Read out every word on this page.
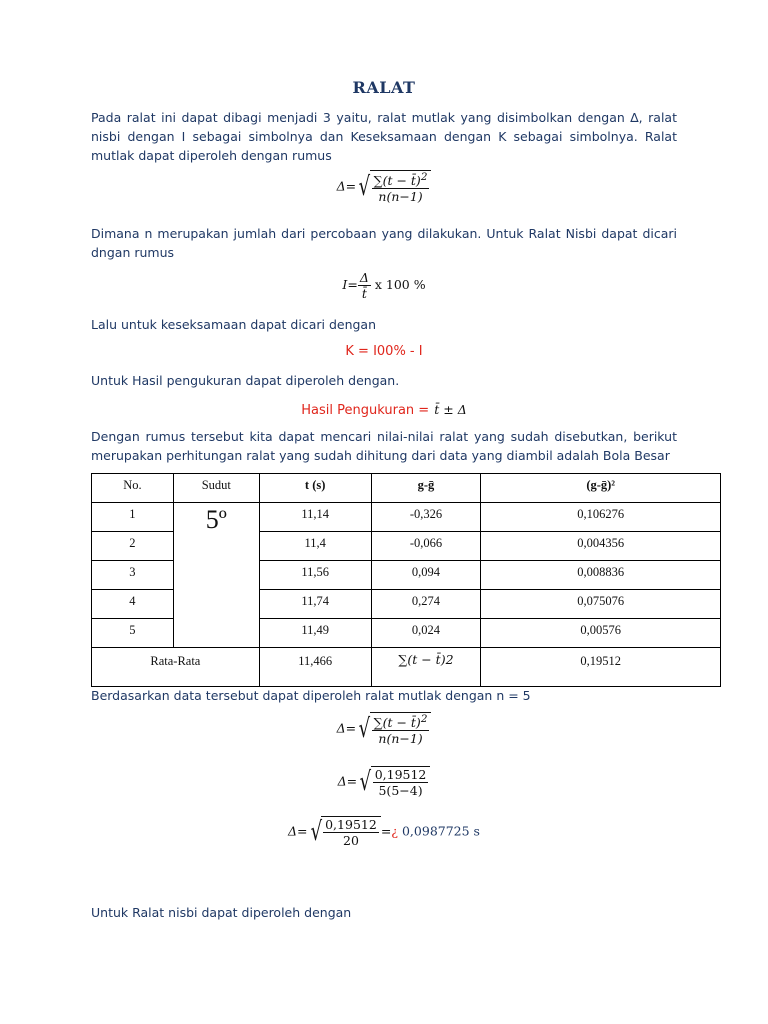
RALAT
Pada ralat ini dapat dibagi menjadi 3 yaitu, ralat mutlak yang disimbolkan dengan ∆, ralat nisbi dengan I sebagai simbolnya dan Keseksamaan dengan K sebagai simbolnya. Ralat mutlak dapat diperoleh dengan rumus
$\Delta=√ \frac{\sum(t - t̄)^2}{n(n-1)}$
Dimana n merupakan jumlah dari percobaan yang dilakukan. Untuk Ralat Nisbi dapat dicari dngan rumus
$I= \frac{\Delta}{t̄}$ x 100 %
Lalu untuk keseksamaan dapat dicari dengan
K = I00% - I
Untuk Hasil pengukuran dapat diperoleh dengan.
Hasil Pengukuran = t̄ ± Δ
Dengan rumus tersebut kita dapat mencari nilai-nilai ralat yang sudah disebutkan, berikut merupakan perhitungan ralat yang sudah dihitung dari data yang diambil adalah Bola Besar
No.	Sudut	t (s)	g-ḡ	(g-ḡ)²
1	5º	11,14	-0,326	0,106276
2		11,4	-0,066	0,004356
3		11,56	0,094	0,008836
4		11,74	0,274	0,075076
5		11,49	0,024	0,00576
Rata-Rata		11,466	∑(t − t̄)2	0,19512
Berdasarkan data tersebut dapat diperoleh ralat mutlak dengan n = 5
$\Delta=√ \frac{\sum(t - t̄)^2}{n(n-1)}$
$\Delta=√ \frac{0,19512}{5(5-4)}$
$\Delta=√ \frac{0,19512}{20}$ =¿ 0,0987725 s
Untuk Ralat nisbi dapat diperoleh dengan
